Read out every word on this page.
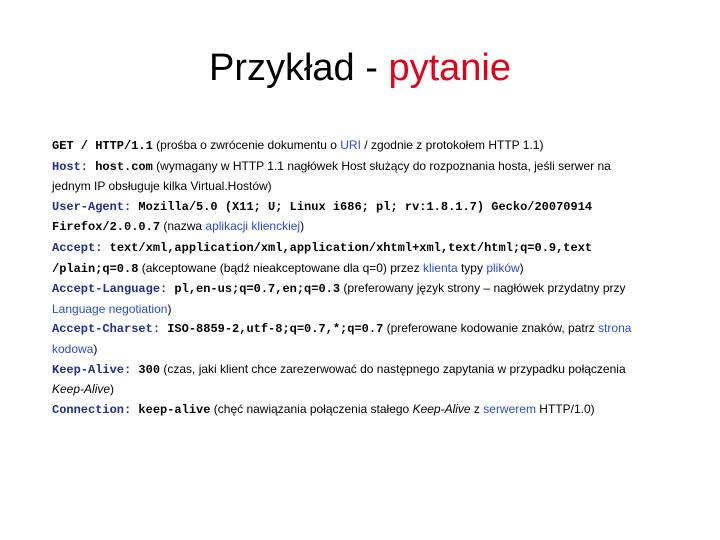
Przykład - pytanie
GET / HTTP/1.1 (prośba o zwrócenie dokumentu o URI / zgodnie z protokołem HTTP 1.1)
Host: host.com (wymagany w HTTP 1.1 nagłówek Host służący do rozpoznania hosta, jeśli serwer na
jednym IP obsługuje kilka Virtual.Hostów)
User-Agent: Mozilla/5.0 (X11; U; Linux i686; pl; rv:1.8.1.7) Gecko/20070914
Firefox/2.0.0.7 (nazwa aplikacji klienckiej)
Accept: text/xml,application/xml,application/xhtml+xml,text/html;q=0.9,text
/plain;q=0.8 (akceptowane (bądź nieakceptowane dla q=0) przez klienta typy plików)
Accept-Language: pl,en-us;q=0.7,en;q=0.3 (preferowany język strony – nagłówek przydatny przy
Language negotiation)
Accept-Charset: ISO-8859-2,utf-8;q=0.7,*;q=0.7 (preferowane kodowanie znaków, patrz strona
kodowa)
Keep-Alive: 300 (czas, jaki klient chce zarezerwować do następnego zapytania w przypadku połączenia
Keep-Alive)
Connection: keep-alive (chęć nawiązania połączenia stałego Keep-Alive z serwerem HTTP/1.0)
